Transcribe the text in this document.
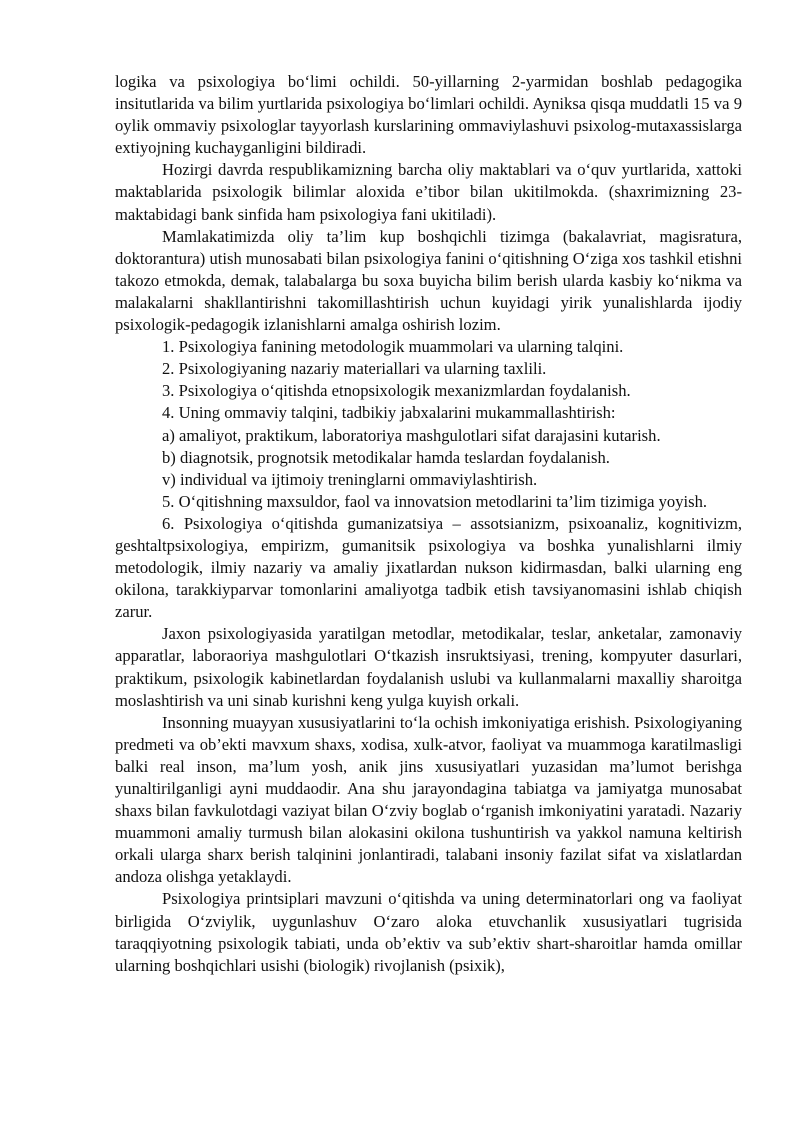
logika va psixologiya bo‘limi ochildi. 50-yillarning 2-yarmidan boshlab pedagogika insitutlarida va bilim yurtlarida psixologiya bo‘limlari ochildi. Ayniksa qisqa muddatli 15 va 9 oylik ommaviy psixologlar tayyorlash kurslarining ommaviylashuvi psixolog-mutaxassislarga extiyojning kuchayganligini bildiradi.

Hozirgi davrda respublikamizning barcha oliy maktablari va o‘quv yurtlarida, xattoki maktablarida psixologik bilimlar aloxida e’tibor bilan ukitilmokda. (shaxrimizning 23-maktabidagi bank sinfida ham psixologiya fani ukitiladi).

Mamlakatimizda oliy ta’lim kup boshqichli tizimga (bakalavriat, magisratura, doktorantura) utish munosabati bilan psixologiya fanini o‘qitishning O‘ziga xos tashkil etishni takozo etmokda, demak, talabalarga bu soxa buyicha bilim berish ularda kasbiy ko‘nikma va malakalarni shakllantirishni takomillashtirish uchun kuyidagi yirik yunalishlarda ijodiy psixologik-pedagogik izlanishlarni amalga oshirish lozim.

1. Psixologiya fanining metodologik muammolari va ularning talqini.

2. Psixologiyaning nazariy materiallari va ularning taxlili.

3. Psixologiya o‘qitishda etnopsixologik mexanizmlardan foydalanish.

4. Uning ommaviy talqini, tadbikiy jabxalarini mukammallashtirish:

a) amaliyot, praktikum, laboratoriya mashgulotlari sifat darajasini kutarish.

b) diagnotsik, prognotsik metodikalar hamda teslardan foydalanish.

v) individual va ijtimoiy treninglarni ommaviylashtirish.

5. O‘qitishning maxsuldor, faol va innovatsion metodlarini ta’lim tizimiga yoyish.

6. Psixologiya o‘qitishda gumanizatsiya – assotsianizm, psixoanaliz, kognitivizm, geshtaltpsixologiya, empirizm, gumanitsik psixologiya va boshka yunalishlarni ilmiy metodologik, ilmiy nazariy va amaliy jixatlardan nukson kidirmasdan, balki ularning eng okilona, tarakkiyparvar tomonlarini amaliyotga tadbik etish tavsiyanomasini ishlab chiqish zarur.

Jaxon psixologiyasida yaratilgan metodlar, metodikalar, teslar, anketalar, zamonaviy apparatlar, laboraoriya mashgulotlari O‘tkazish insruktsiyasi, trening, kompyuter dasurlari, praktikum, psixologik kabinetlardan foydalanish uslubi va kullanmalarni maxalliy sharoitga moslashtirish va uni sinab kurishni keng yulga kuyish orkali.

Insonning muayyan xususiyatlarini to‘la ochish imkoniyatiga erishish. Psixologiyaning predmeti va ob’ekti mavxum shaxs, xodisa, xulk-atvor, faoliyat va muammoga karatilmasligi balki real inson, ma’lum yosh, anik jins xususiyatlari yuzasidan ma’lumot berishga yunaltirilganligi ayni muddaodir. Ana shu jarayondagina tabiatga va jamiyatga munosabat shaxs bilan favkulotdagi vaziyat bilan O‘zviy boglab o‘rganish imkoniyatini yaratadi. Nazariy muammoni amaliy turmush bilan alokasini okilona tushuntirish va yakkol namuna keltirish orkali ularga sharx berish talqinini jonlantiradi, talabani insoniy fazilat sifat va xislatlardan andoza olishga yetaklaydi.

Psixologiya printsiplari mavzuni o‘qitishda va uning determinatorlari ong va faoliyat birligida O‘zviylik, uygunlashuv O‘zaro aloka etuvchanlik xususiyatlari tugrisida taraqqiyotning psixologik tabiati, unda ob’ektiv va sub’ektiv shart-sharoitlar hamda omillar ularning boshqichlari usishi (biologik) rivojlanish (psixik),
